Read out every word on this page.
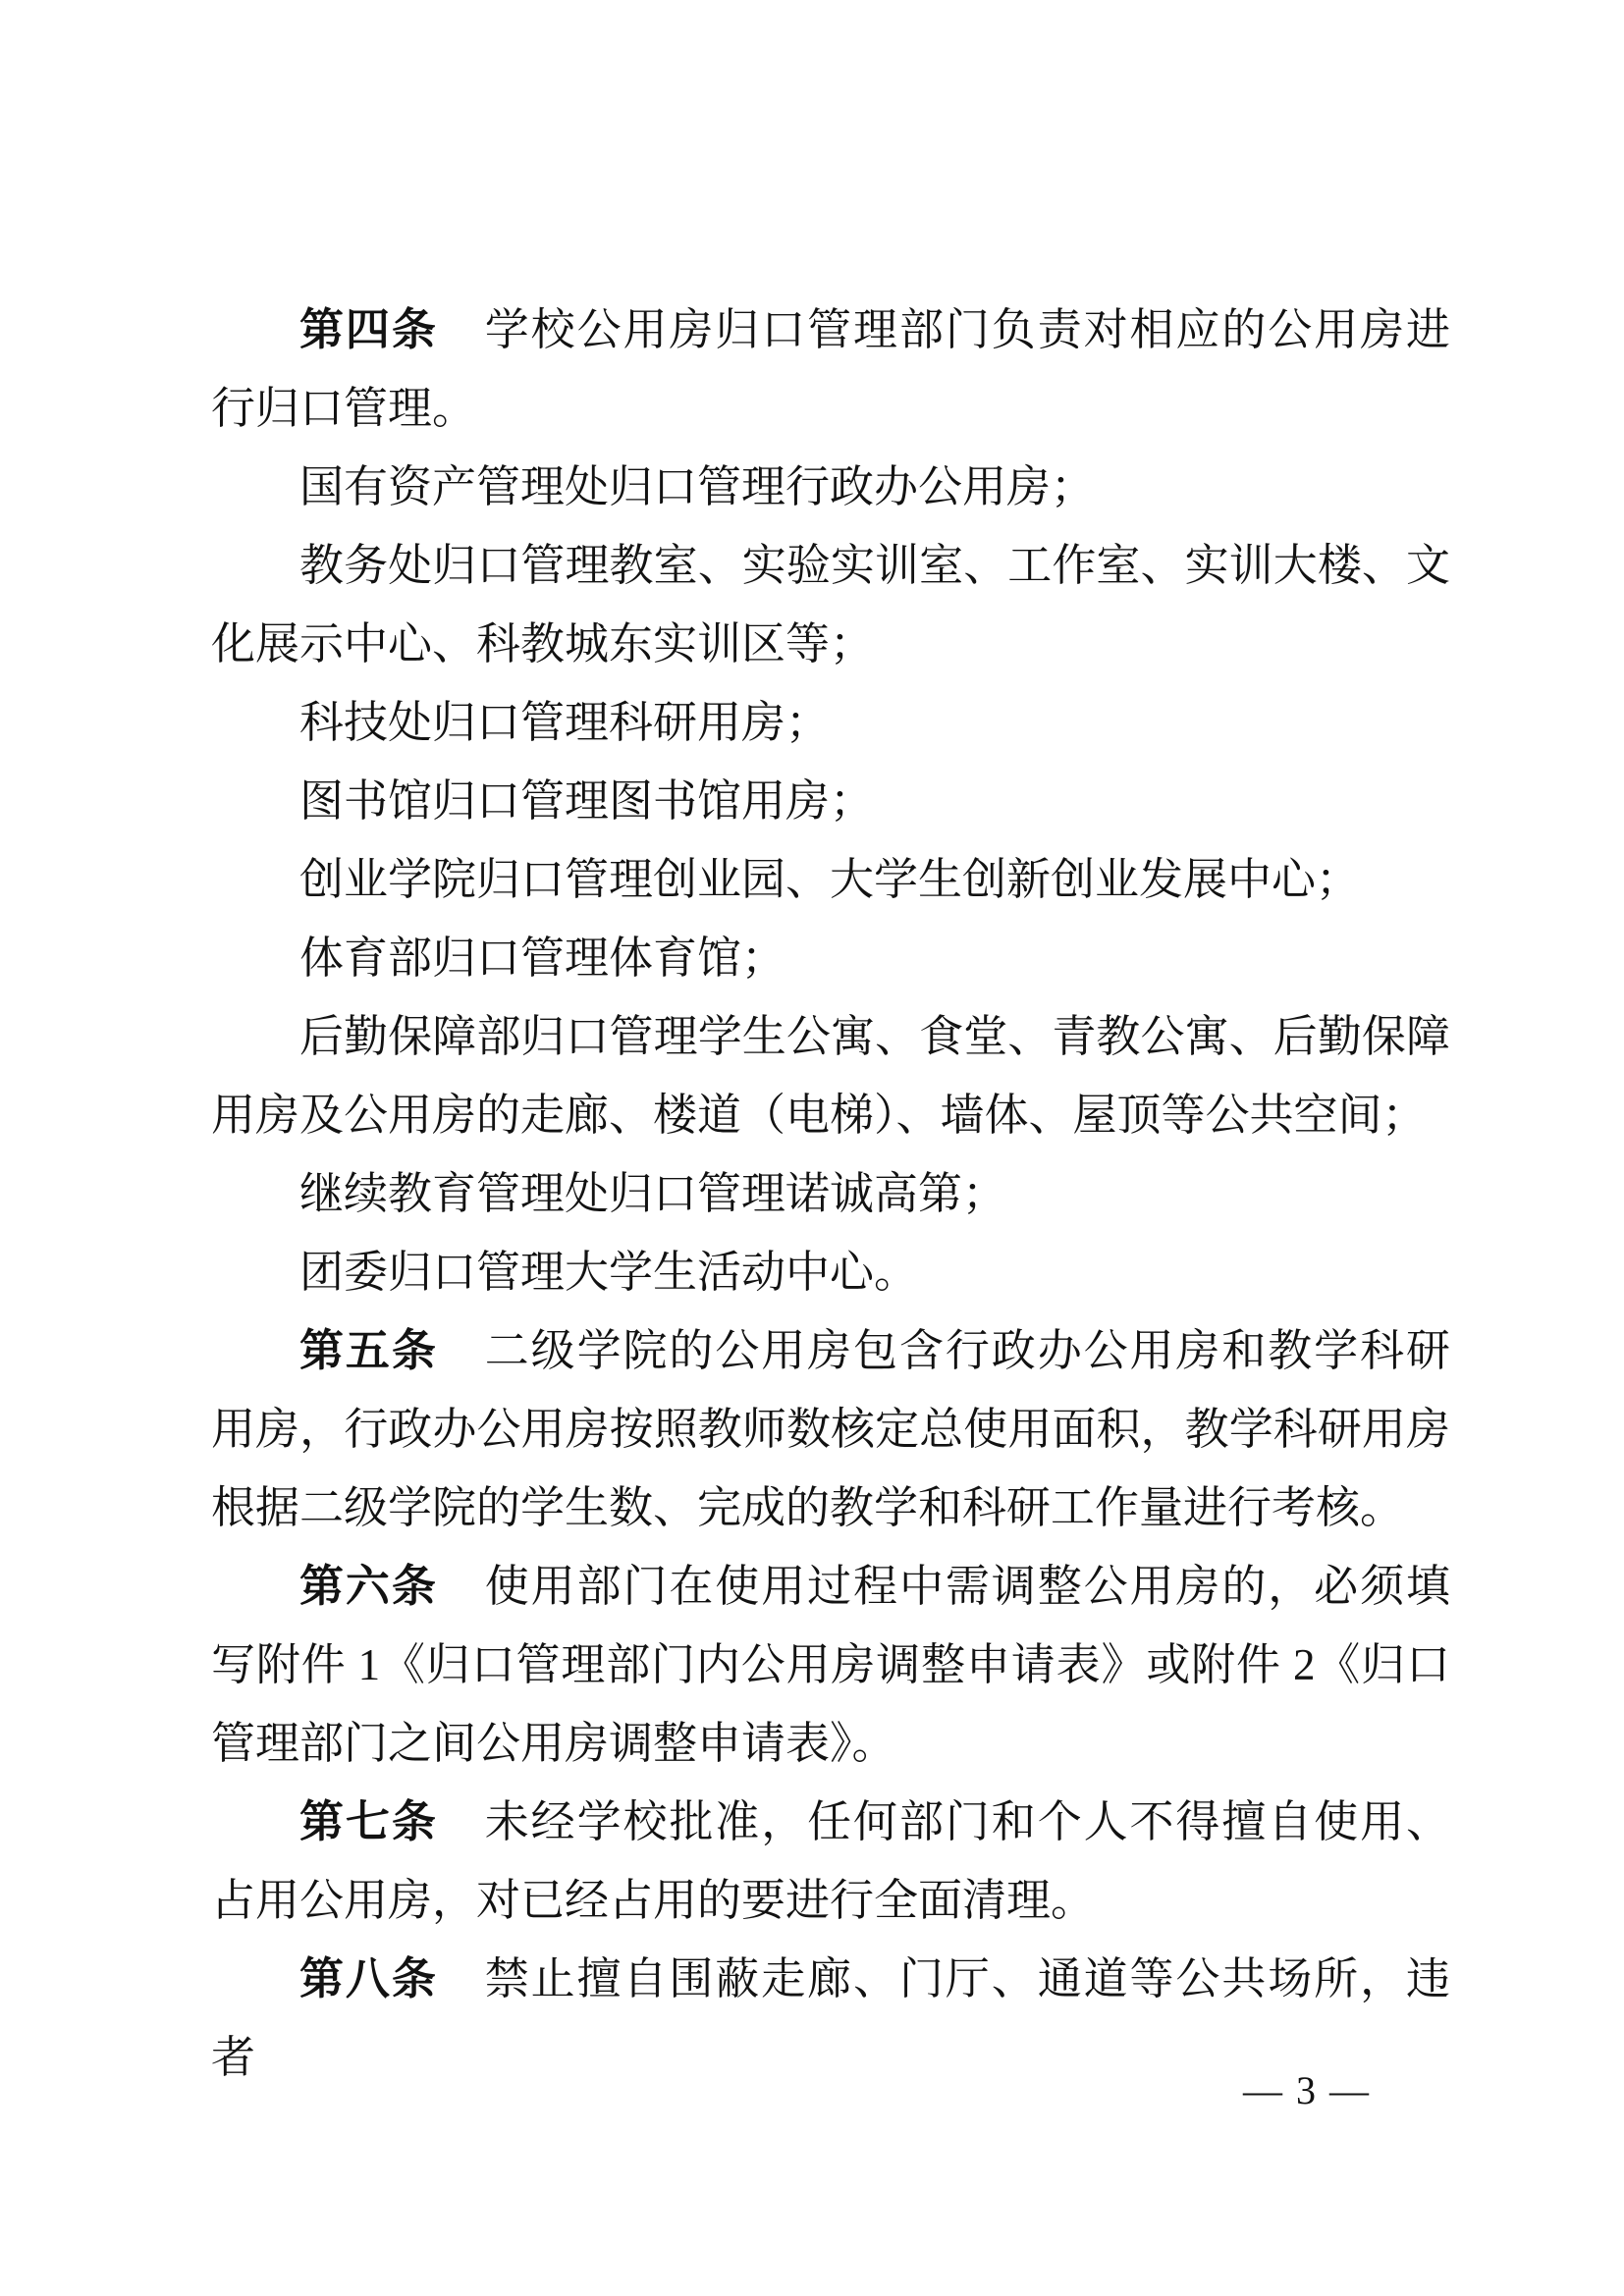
第四条 学校公用房归口管理部门负责对相应的公用房进行归口管理。

国有资产管理处归口管理行政办公用房；

教务处归口管理教室、实验实训室、工作室、实训大楼、文化展示中心、科教城东实训区等；

科技处归口管理科研用房；

图书馆归口管理图书馆用房；

创业学院归口管理创业园、大学生创新创业发展中心；

体育部归口管理体育馆；

后勤保障部归口管理学生公寓、食堂、青教公寓、后勤保障用房及公用房的走廊、楼道（电梯）、墙体、屋顶等公共空间；

继续教育管理处归口管理诺诚高第；

团委归口管理大学生活动中心。

第五条 二级学院的公用房包含行政办公用房和教学科研用房，行政办公用房按照教师数核定总使用面积，教学科研用房根据二级学院的学生数、完成的教学和科研工作量进行考核。

第六条 使用部门在使用过程中需调整公用房的，必须填写附件 1《归口管理部门内公用房调整申请表》或附件 2《归口管理部门之间公用房调整申请表》。

第七条 未经学校批准，任何部门和个人不得擅自使用、占用公用房，对已经占用的要进行全面清理。

第八条 禁止擅自围蔽走廊、门厅、通道等公共场所，违者

— 3 —
